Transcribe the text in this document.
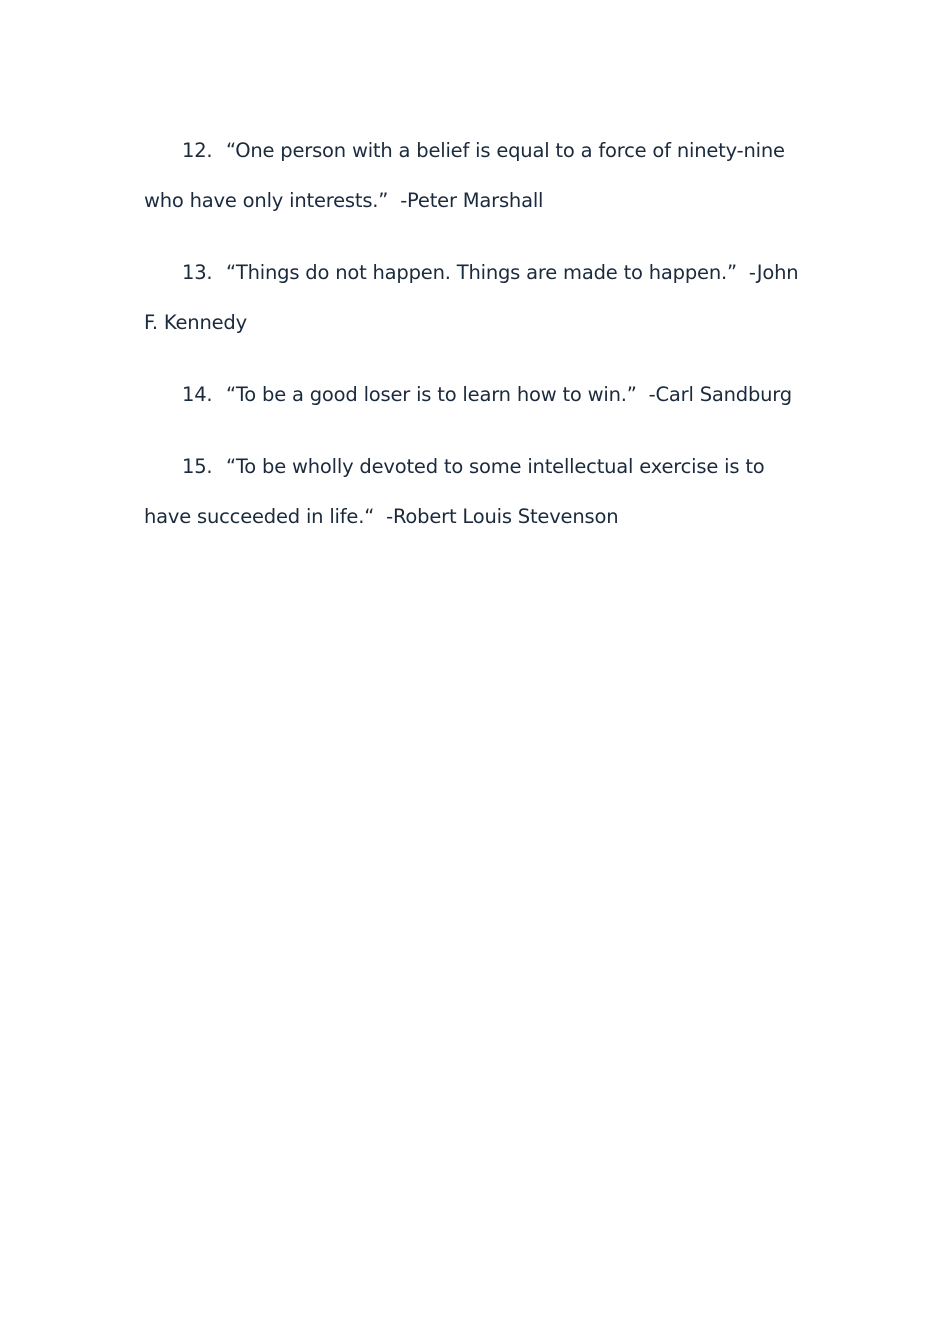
12. “One person with a belief is equal to a force of ninety-nine who have only interests.” -Peter Marshall

13. “Things do not happen. Things are made to happen.” -John F. Kennedy

14. “To be a good loser is to learn how to win.” -Carl Sandburg

15. “To be wholly devoted to some intellectual exercise is to have succeeded in life.“ -Robert Louis Stevenson
